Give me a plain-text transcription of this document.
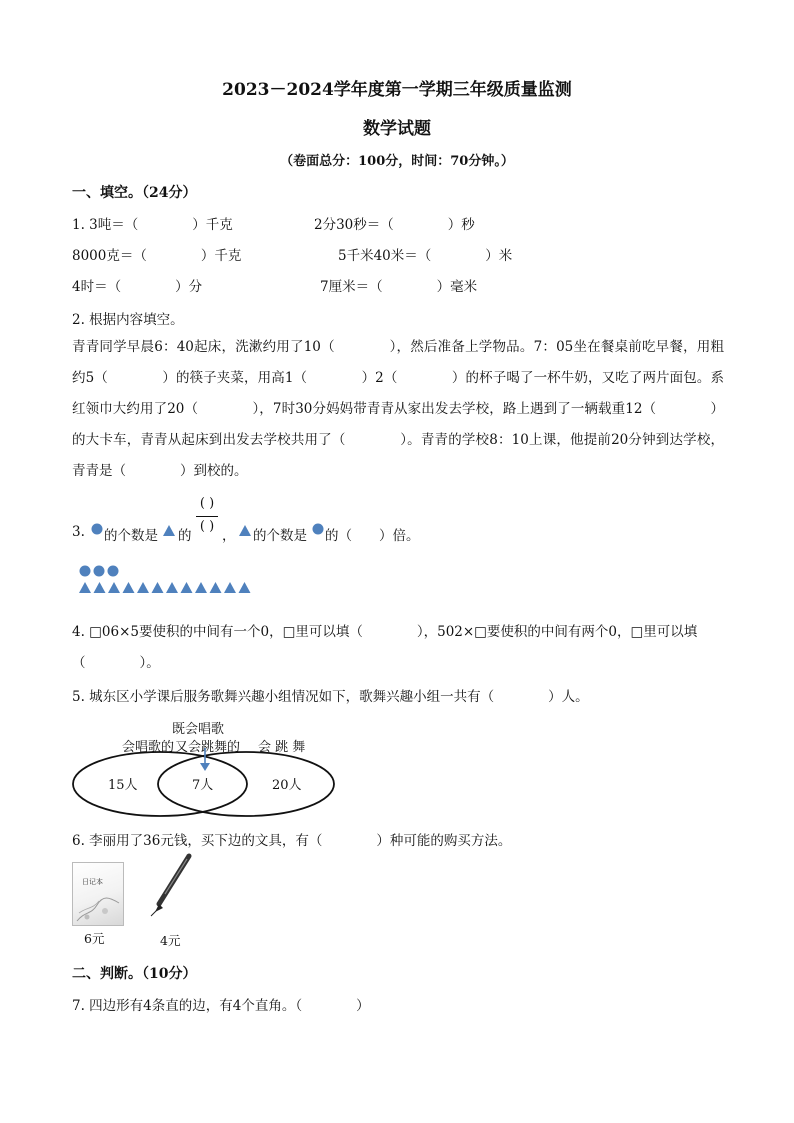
2023－2024学年度第一学期三年级质量监测
数学试题
（卷面总分：100分，时间：70分钟。）
一、填空。（24分）
1. 3吨＝（　　　　）千克	2分30秒＝（　　　　）秒
8000克＝（　　　　）千克	5千米40米＝（　　　　）米
4时＝（　　　　）分	7厘米＝（　　　　）毫米
2. 根据内容填空。
青青同学早晨6：40起床，洗漱约用了10（　　　　），然后准备上学物品。7：05坐在餐桌前吃早餐，用粗约5（　　　　）的筷子夹菜，用高1（　　　　）2（　　　　）的杯子喝了一杯牛奶，又吃了两片面包。系红领巾大约用了20（　　　　），7时30分妈妈带青青从家出发去学校，路上遇到了一辆载重12（　　　　）的大卡车，青青从起床到出发去学校共用了（　　　　）。青青的学校8：10上课，他提前20分钟到达学校，青青是（　　　　）到校的。
3. 的个数是 的
( )
( )
， 的个数是 的（　　）倍。
4. □06×5要使积的中间有一个0，□里可以填（　　　　），502×□要使积的中间有两个0，□里可以填
（　　　　）。
5. 城东区小学课后服务歌舞兴趣小组情况如下，歌舞兴趣小组一共有（　　　　）人。
既会唱歌
会唱歌的 又会跳舞的 会 跳 舞
15人	7人	20人
6. 李丽用了36元钱，买下边的文具，有（　　　　）种可能的购买方法。
日记本
6元	4元
二、判断。（10分）
7. 四边形有4条直的边，有4个直角。（　　　　）
